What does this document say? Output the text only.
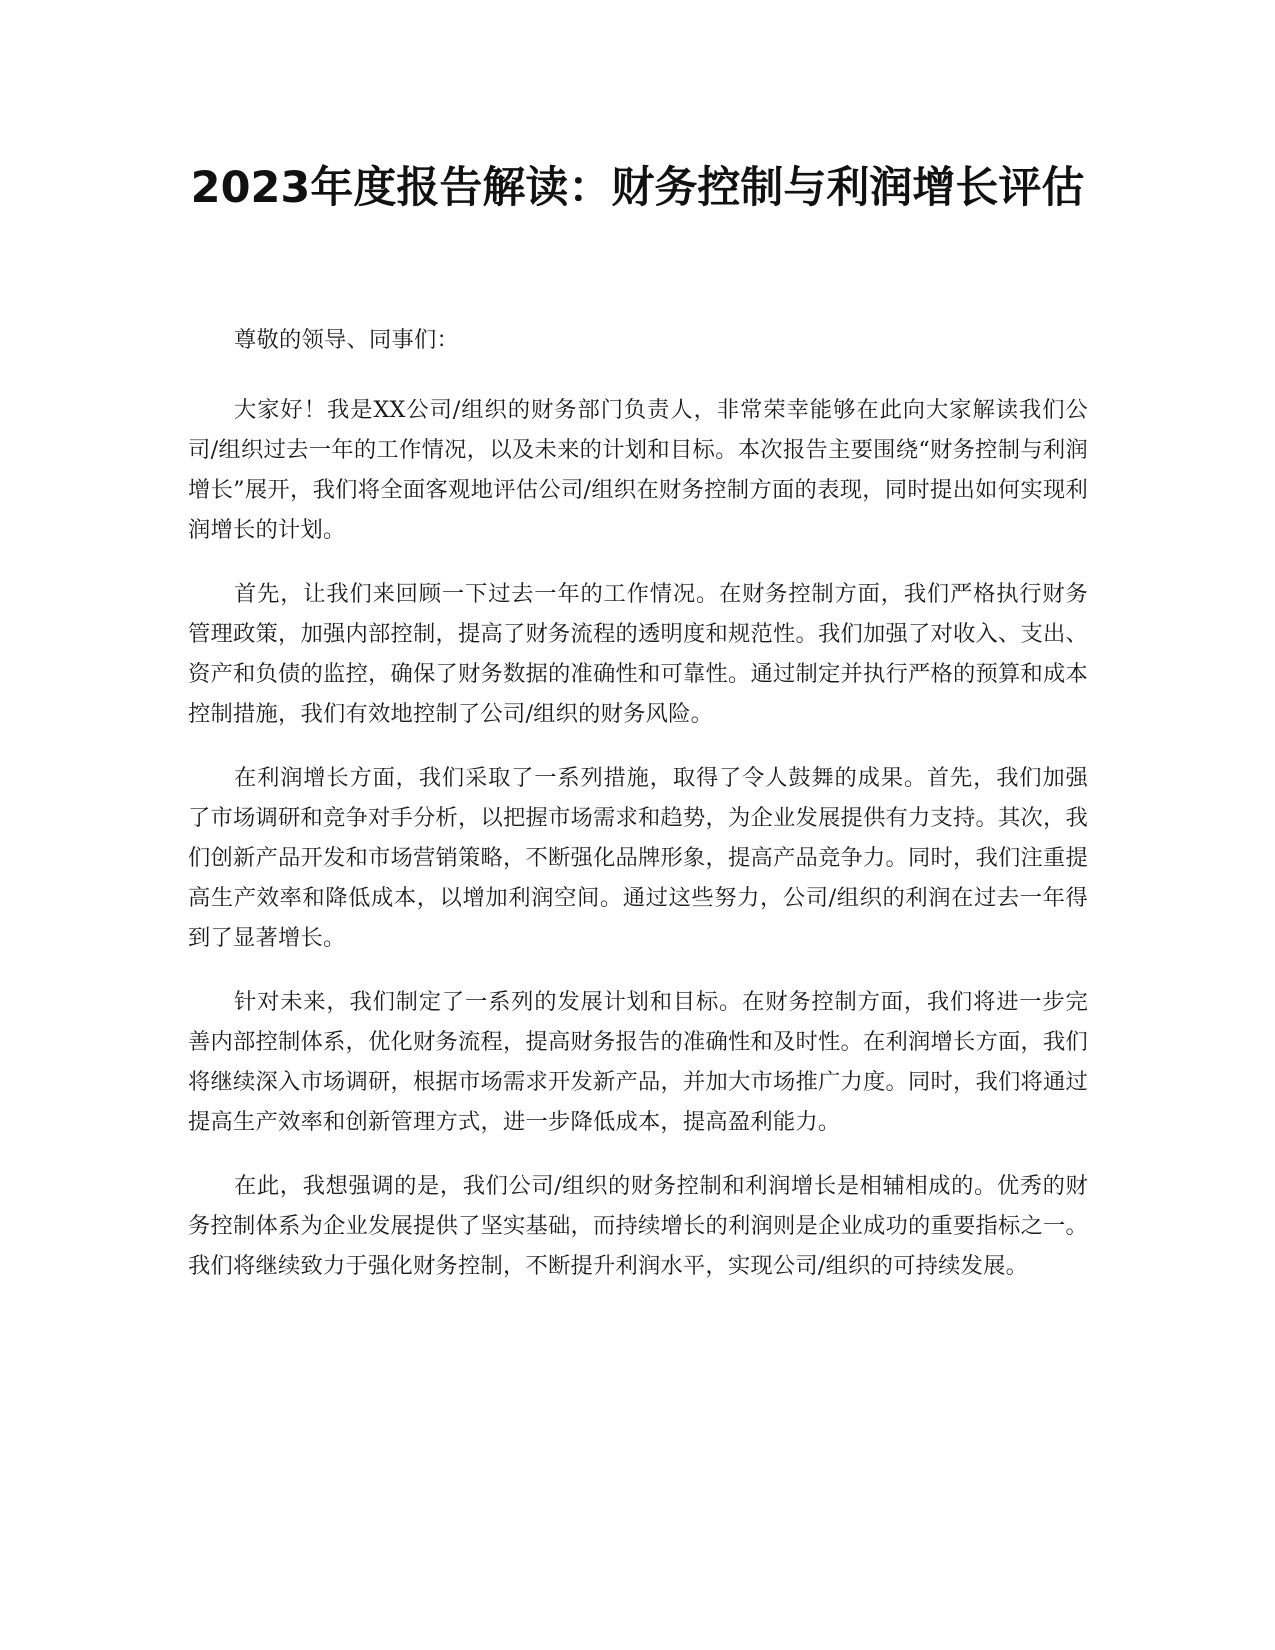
2023年度报告解读：财务控制与利润增长评估

尊敬的领导、同事们：

大家好！我是XX公司/组织的财务部门负责人，非常荣幸能够在此向大家解读我们公司/组织过去一年的工作情况，以及未来的计划和目标。本次报告主要围绕“财务控制与利润增长”展开，我们将全面客观地评估公司/组织在财务控制方面的表现，同时提出如何实现利润增长的计划。

首先，让我们来回顾一下过去一年的工作情况。在财务控制方面，我们严格执行财务管理政策，加强内部控制，提高了财务流程的透明度和规范性。我们加强了对收入、支出、资产和负债的监控，确保了财务数据的准确性和可靠性。通过制定并执行严格的预算和成本控制措施，我们有效地控制了公司/组织的财务风险。

在利润增长方面，我们采取了一系列措施，取得了令人鼓舞的成果。首先，我们加强了市场调研和竞争对手分析，以把握市场需求和趋势，为企业发展提供有力支持。其次，我们创新产品开发和市场营销策略，不断强化品牌形象，提高产品竞争力。同时，我们注重提高生产效率和降低成本，以增加利润空间。通过这些努力，公司/组织的利润在过去一年得到了显著增长。

针对未来，我们制定了一系列的发展计划和目标。在财务控制方面，我们将进一步完善内部控制体系，优化财务流程，提高财务报告的准确性和及时性。在利润增长方面，我们将继续深入市场调研，根据市场需求开发新产品，并加大市场推广力度。同时，我们将通过提高生产效率和创新管理方式，进一步降低成本，提高盈利能力。

在此，我想强调的是，我们公司/组织的财务控制和利润增长是相辅相成的。优秀的财务控制体系为企业发展提供了坚实基础，而持续增长的利润则是企业成功的重要指标之一。我们将继续致力于强化财务控制，不断提升利润水平，实现公司/组织的可持续发展。
